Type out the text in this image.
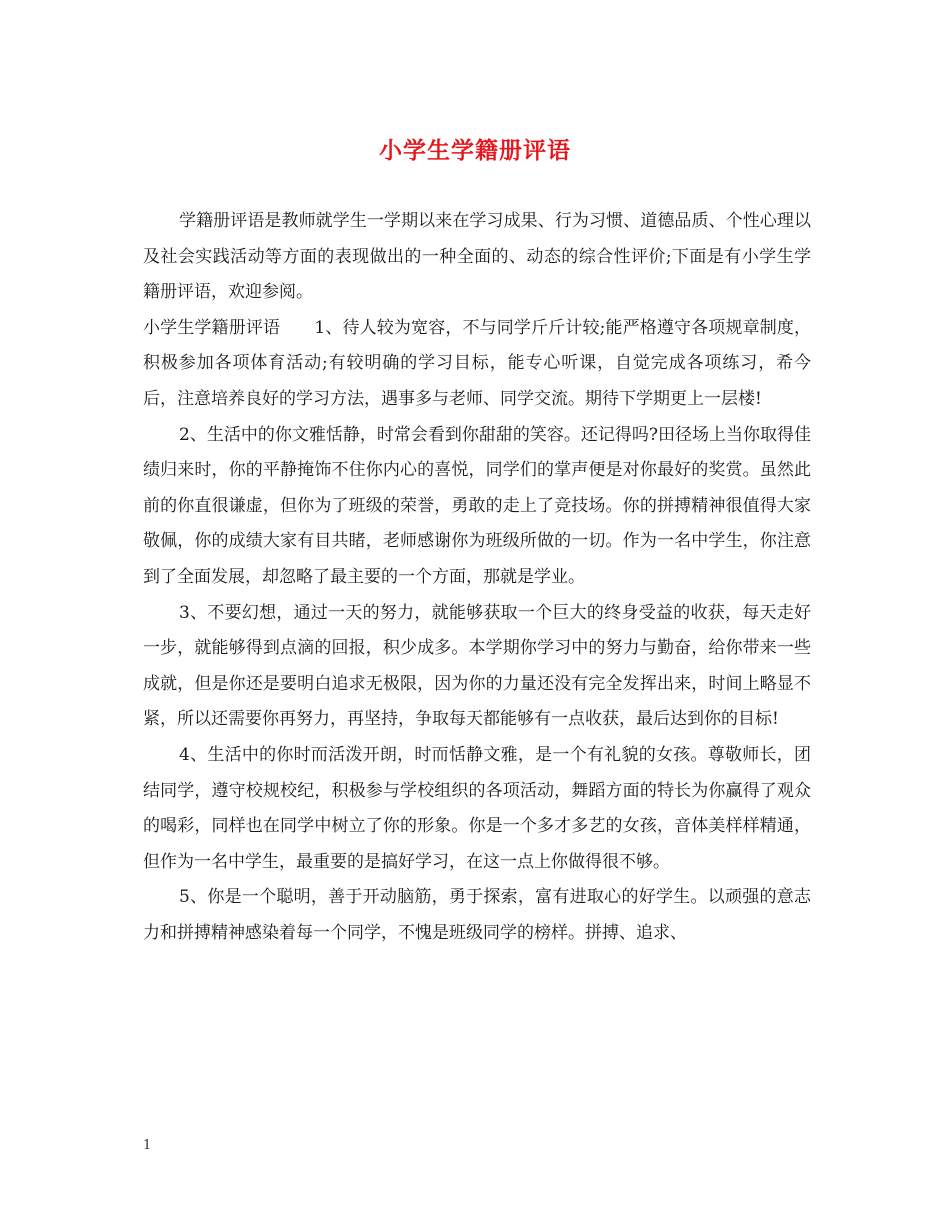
小学生学籍册评语

学籍册评语是教师就学生一学期以来在学习成果、行为习惯、道德品质、个性心理以及社会实践活动等方面的表现做出的一种全面的、动态的综合性评价;下面是有小学生学籍册评语，欢迎参阅。

小学生学籍册评语　　1、待人较为宽容，不与同学斤斤计较;能严格遵守各项规章制度，积极参加各项体育活动;有较明确的学习目标，能专心听课，自觉完成各项练习，希今后，注意培养良好的学习方法，遇事多与老师、同学交流。期待下学期更上一层楼!

2、生活中的你文雅恬静，时常会看到你甜甜的笑容。还记得吗?田径场上当你取得佳绩归来时，你的平静掩饰不住你内心的喜悦，同学们的掌声便是对你最好的奖赏。虽然此前的你直很谦虚，但你为了班级的荣誉，勇敢的走上了竞技场。你的拼搏精神很值得大家敬佩，你的成绩大家有目共睹，老师感谢你为班级所做的一切。作为一名中学生，你注意到了全面发展，却忽略了最主要的一个方面，那就是学业。

3、不要幻想，通过一天的努力，就能够获取一个巨大的终身受益的收获，每天走好一步，就能够得到点滴的回报，积少成多。本学期你学习中的努力与勤奋，给你带来一些成就，但是你还是要明白追求无极限，因为你的力量还没有完全发挥出来，时间上略显不紧，所以还需要你再努力，再坚持，争取每天都能够有一点收获，最后达到你的目标!

4、生活中的你时而活泼开朗，时而恬静文雅，是一个有礼貌的女孩。尊敬师长，团结同学，遵守校规校纪，积极参与学校组织的各项活动，舞蹈方面的特长为你赢得了观众的喝彩，同样也在同学中树立了你的形象。你是一个多才多艺的女孩，音体美样样精通，但作为一名中学生，最重要的是搞好学习，在这一点上你做得很不够。

5、你是一个聪明，善于开动脑筋，勇于探索，富有进取心的好学生。以顽强的意志力和拼搏精神感染着每一个同学，不愧是班级同学的榜样。拼搏、追求、

1
